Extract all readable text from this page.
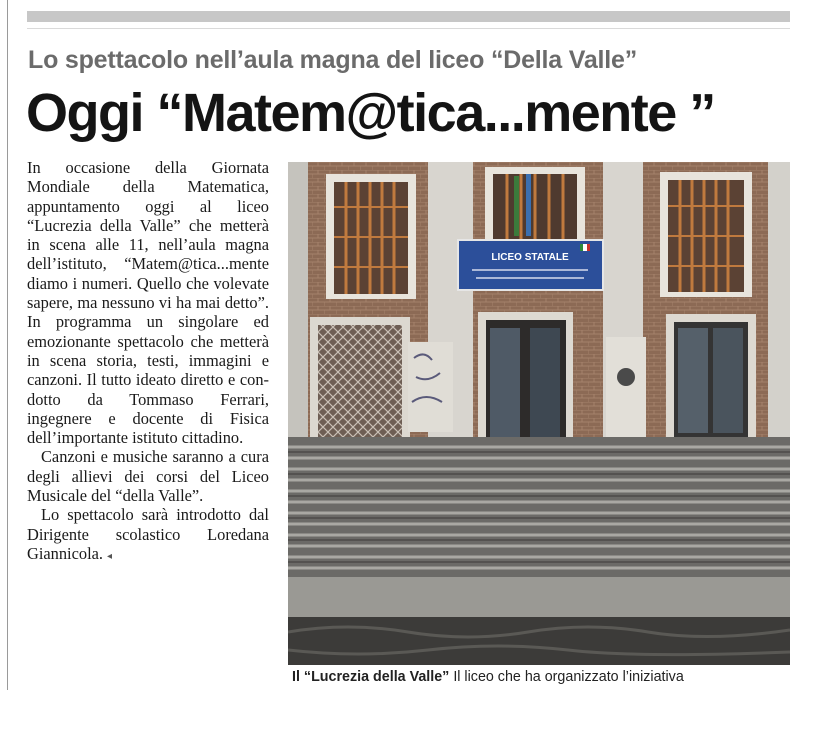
Lo spettacolo nell’aula magna del liceo “Della Valle”
Oggi “Matem@tica...mente ”

In occasione della Giornata Mondiale della Matematica, appuntamento oggi al liceo “Lucrezia della Valle” che metterà in scena alle 11, nell’aula magna dell’istituto, “Matem@tica...mente diamo i numeri. Quello che volevate sapere, ma nessuno vi ha mai detto”. In programma un singolare ed emozionante spettacolo che metterà in scena storia, testi, immagini e canzoni. Il tutto ideato diretto e condotto da Tommaso Ferrari, ingegnere e docente di Fisica dell’importante istituto cittadino.

Canzoni e musiche saranno a cura degli allievi dei corsi del Liceo Musicale del “della Valle”.

Lo spettacolo sarà introdotto dal Dirigente scolastico Loredana Giannicola. ◂

LICEO STATALE

Il “Lucrezia della Valle” Il liceo che ha organizzato l’iniziativa
